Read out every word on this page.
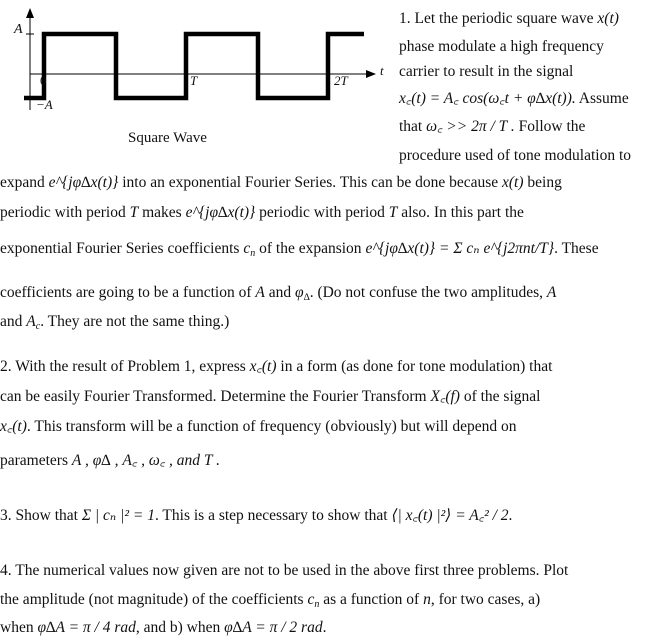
A
0	T	2T
t
−A
Square Wave
1. Let the periodic square wave x(t)
phase modulate a high frequency
carrier to result in the signal
x꜀(t) = A꜀ cos(ω꜀t + φ∆x(t)). Assume
that ω꜀ >> 2π / T . Follow the
procedure used of tone modulation to
expand e^{jφ∆x(t)} into an exponential Fourier Series. This can be done because x(t) being
periodic with period T makes e^{jφ∆x(t)} periodic with period T also. In this part the
exponential Fourier Series coefficients $c_n$ of the expansion e^{jφ∆x(t)} = Σ cₙ e^{j2πnt/T}. These
coefficients are going to be a function of A and $\varphi_\Delta$. (Do not confuse the two amplitudes, A
and $A_c$. They are not the same thing.)
2. With the result of Problem 1, express x꜀(t) in a form (as done for tone modulation) that
can be easily Fourier Transformed. Determine the Fourier Transform X꜀(f) of the signal
x꜀(t). This transform will be a function of frequency (obviously) but will depend on
parameters A , φ∆ , A꜀ , ω꜀ , and T .
3. Show that Σ | cₙ |² = 1. This is a step necessary to show that ⟨| x꜀(t) |²⟩ = A꜀² / 2.
4. The numerical values now given are not to be used in the above first three problems. Plot
the amplitude (not magnitude) of the coefficients $c_n$ as a function of n, for two cases, a)
when φ∆A = π / 4 rad, and b) when φ∆A = π / 2 rad.
